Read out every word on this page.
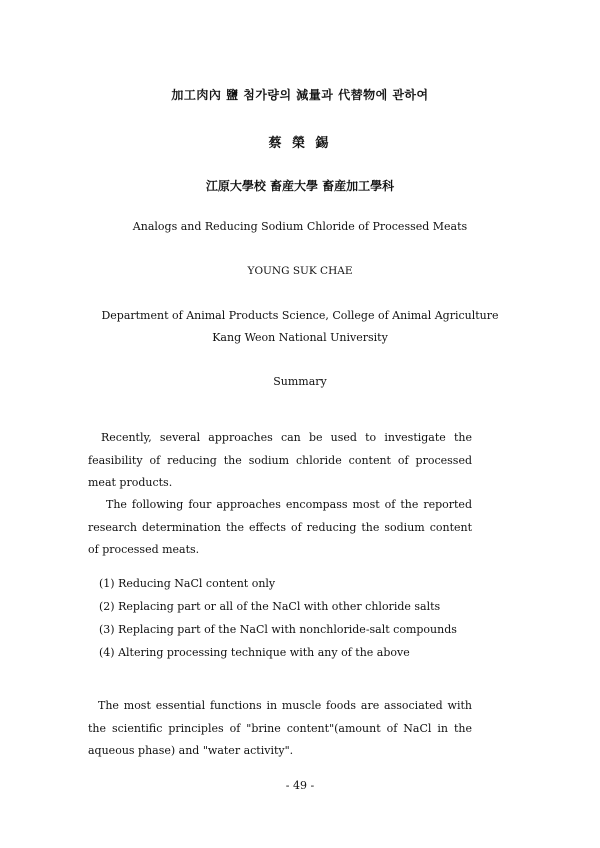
加工肉內 鹽 첨가량의 減量과 代替物에 관하여
蔡 榮 錫
江原大學校 畜産大學 畜産加工學科
Analogs and Reducing Sodium Chloride of Processed Meats
YOUNG SUK CHAE
Department of Animal Products Science, College of Animal Agriculture
Kang Weon National University
Summary

Recently, several approaches can be used to investigate the feasibility of reducing the sodium chloride content of processed meat products.

The following four approaches encompass most of the reported research determination the effects of reducing the sodium content of processed meats.

(1) Reducing NaCl content only
(2) Replacing part or all of the NaCl with other chloride salts
(3) Replacing part of the NaCl with nonchloride-salt compounds
(4) Altering processing technique with any of the above

The most essential functions in muscle foods are associated with the scientific principles of "brine content"(amount of NaCl in the aqueous phase) and "water activity".

- 49 -
